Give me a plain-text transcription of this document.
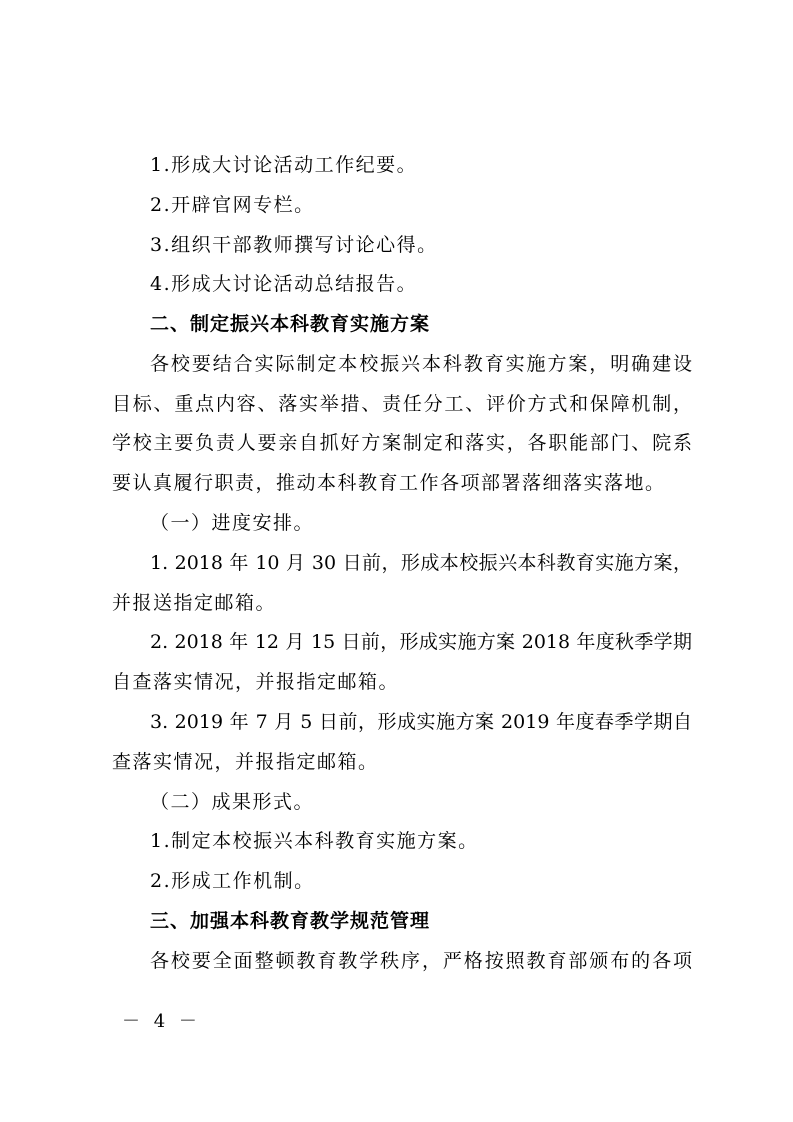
1.形成大讨论活动工作纪要。
2.开辟官网专栏。
3.组织干部教师撰写讨论心得。
4.形成大讨论活动总结报告。
二、制定振兴本科教育实施方案
各校要结合实际制定本校振兴本科教育实施方案，明确建设
目标、重点内容、落实举措、责任分工、评价方式和保障机制，
学校主要负责人要亲自抓好方案制定和落实，各职能部门、院系
要认真履行职责，推动本科教育工作各项部署落细落实落地。
（一）进度安排。
1. 2018 年 10 月 30 日前，形成本校振兴本科教育实施方案，
并报送指定邮箱。
2. 2018 年 12 月 15 日前，形成实施方案 2018 年度秋季学期
自查落实情况，并报指定邮箱。
3. 2019 年 7 月 5 日前，形成实施方案 2019 年度春季学期自
查落实情况，并报指定邮箱。
（二）成果形式。
1.制定本校振兴本科教育实施方案。
2.形成工作机制。
三、加强本科教育教学规范管理
各校要全面整顿教育教学秩序，严格按照教育部颁布的各项
－ 4 －
